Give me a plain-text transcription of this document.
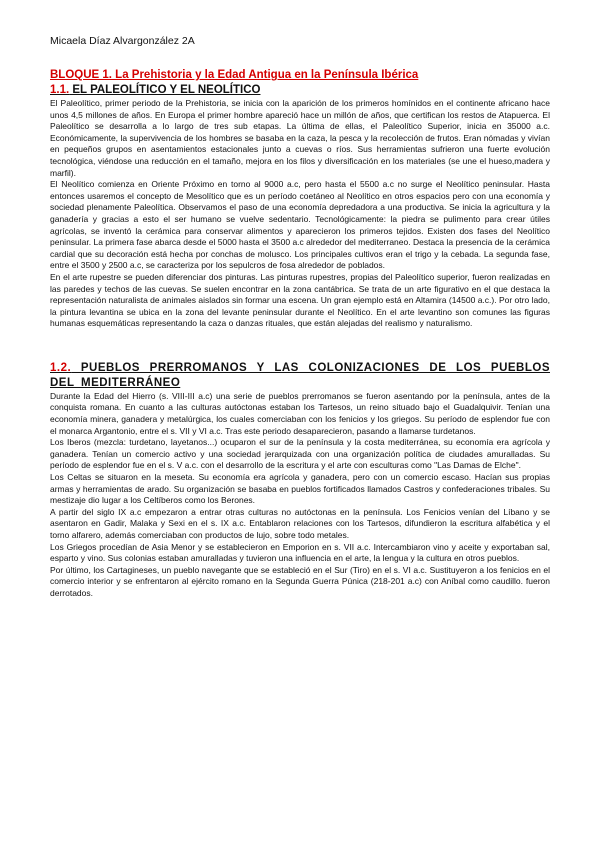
Micaela Díaz Alvargonzález 2A
BLOQUE 1. La Prehistoria y la Edad Antigua en la Península Ibérica
1.1. EL PALEOLÍTICO Y EL NEOLÍTICO

El Paleolítico, primer periodo de la Prehistoria, se inicia con la aparición de los primeros homínidos en el continente africano hace unos 4,5 millones de años. En Europa el primer hombre apareció hace un millón de años, que certifican los restos de Atapuerca. El Paleolítico se desarrolla a lo largo de tres sub etapas. La última de ellas, el Paleolítico Superior, inicia en 35000 a.c. Económicamente, la supervivencia de los hombres se basaba en la caza, la pesca y la recolección de frutos. Eran nómadas y vivían en pequeños grupos en asentamientos estacionales junto a cuevas o ríos. Sus herramientas sufrieron una fuerte evolución tecnológica, viéndose una reducción en el tamaño, mejora en los filos y diversificación en los materiales (se une el hueso,madera y marfil).

El Neolítico comienza en Oriente Próximo en torno al 9000 a.c, pero hasta el 5500 a.c no surge el Neolítico peninsular. Hasta entonces usaremos el concepto de Mesolítico que es un período coetáneo al Neolítico en otros espacios pero con una economía y sociedad plenamente Paleolítica. Observamos el paso de una economía depredadora a una productiva. Se inicia la agricultura y la ganadería y gracias a esto el ser humano se vuelve sedentario. Tecnológicamente: la piedra se pulimento para crear útiles agrícolas, se inventó la cerámica para conservar alimentos y aparecieron los primeros tejidos. Existen dos fases del Neolítico peninsular. La primera fase abarca desde el 5000 hasta el 3500 a.c alrededor del mediterraneo. Destaca la presencia de la cerámica cardial que su decoración está hecha por conchas de molusco. Los principales cultivos eran el trigo y la cebada. La segunda fase, entre el 3500 y 2500 a.c, se caracteriza por los sepulcros de fosa alrededor de poblados.

En el arte rupestre se pueden diferenciar dos pinturas. Las pinturas rupestres, propias del Paleolítico superior, fueron realizadas en las paredes y techos de las cuevas. Se suelen encontrar en la zona cantábrica. Se trata de un arte figurativo en el que destaca la representación naturalista de animales aislados sin formar una escena. Un gran ejemplo está en Altamira (14500 a.c.). Por otro lado, la pintura levantina se ubica en la zona del levante peninsular durante el Neolítico. En el arte levantino son comunes las figuras humanas esquemáticas representando la caza o danzas rituales, que están alejadas del realismo y naturalismo.

1.2. PUEBLOS PRERROMANOS Y LAS COLONIZACIONES DE LOS PUEBLOS DEL MEDITERRÁNEO

Durante la Edad del Hierro (s. VIII-III a.c) una serie de pueblos prerromanos se fueron asentando por la península, antes de la conquista romana. En cuanto a las culturas autóctonas estaban los Tartesos, un reino situado bajo el Guadalquivir. Tenían una economía minera, ganadera y metalúrgica, los cuales comerciaban con los fenicios y los griegos. Su período de esplendor fue con el monarca Argantonio, entre el s. VII y VI a.c. Tras este periodo desaparecieron, pasando a llamarse turdetanos.

Los Iberos (mezcla: turdetano, layetanos...) ocuparon el sur de la península y la costa mediterránea, su economía era agrícola y ganadera. Tenían un comercio activo y una sociedad jerarquizada con una organización política de ciudades amuralladas. Su período de esplendor fue en el s. V a.c. con el desarrollo de la escritura y el arte con esculturas como "Las Damas de Elche".

Los Celtas se situaron en la meseta. Su economía era agrícola y ganadera, pero con un comercio escaso. Hacían sus propias armas y herramientas de arado. Su organización se basaba en pueblos fortificados llamados Castros y confederaciones tribales. Su mestizaje dio lugar a los Celtíberos como los Berones.

A partir del siglo IX a.c empezaron a entrar otras culturas no autóctonas en la península. Los Fenicios venían del Líbano y se asentaron en Gadir, Malaka y Sexi en el s. IX a.c. Entablaron relaciones con los Tartesos, difundieron la escritura alfabética y el torno alfarero, además comerciaban con productos de lujo, sobre todo metales.

Los Griegos procedían de Asia Menor y se establecieron en Emporion en s. VII a.c. Intercambiaron vino y aceite y exportaban sal, esparto y vino. Sus colonias estaban amuralladas y tuvieron una influencia en el arte, la lengua y la cultura en otros pueblos.

Por último, los Cartagineses, un pueblo navegante que se estableció en el Sur (Tiro) en el s. VI a.c. Sustituyeron a los fenicios en el comercio interior y se enfrentaron al ejército romano en la Segunda Guerra Púnica (218-201 a.c) con Aníbal como caudillo. fueron derrotados.
